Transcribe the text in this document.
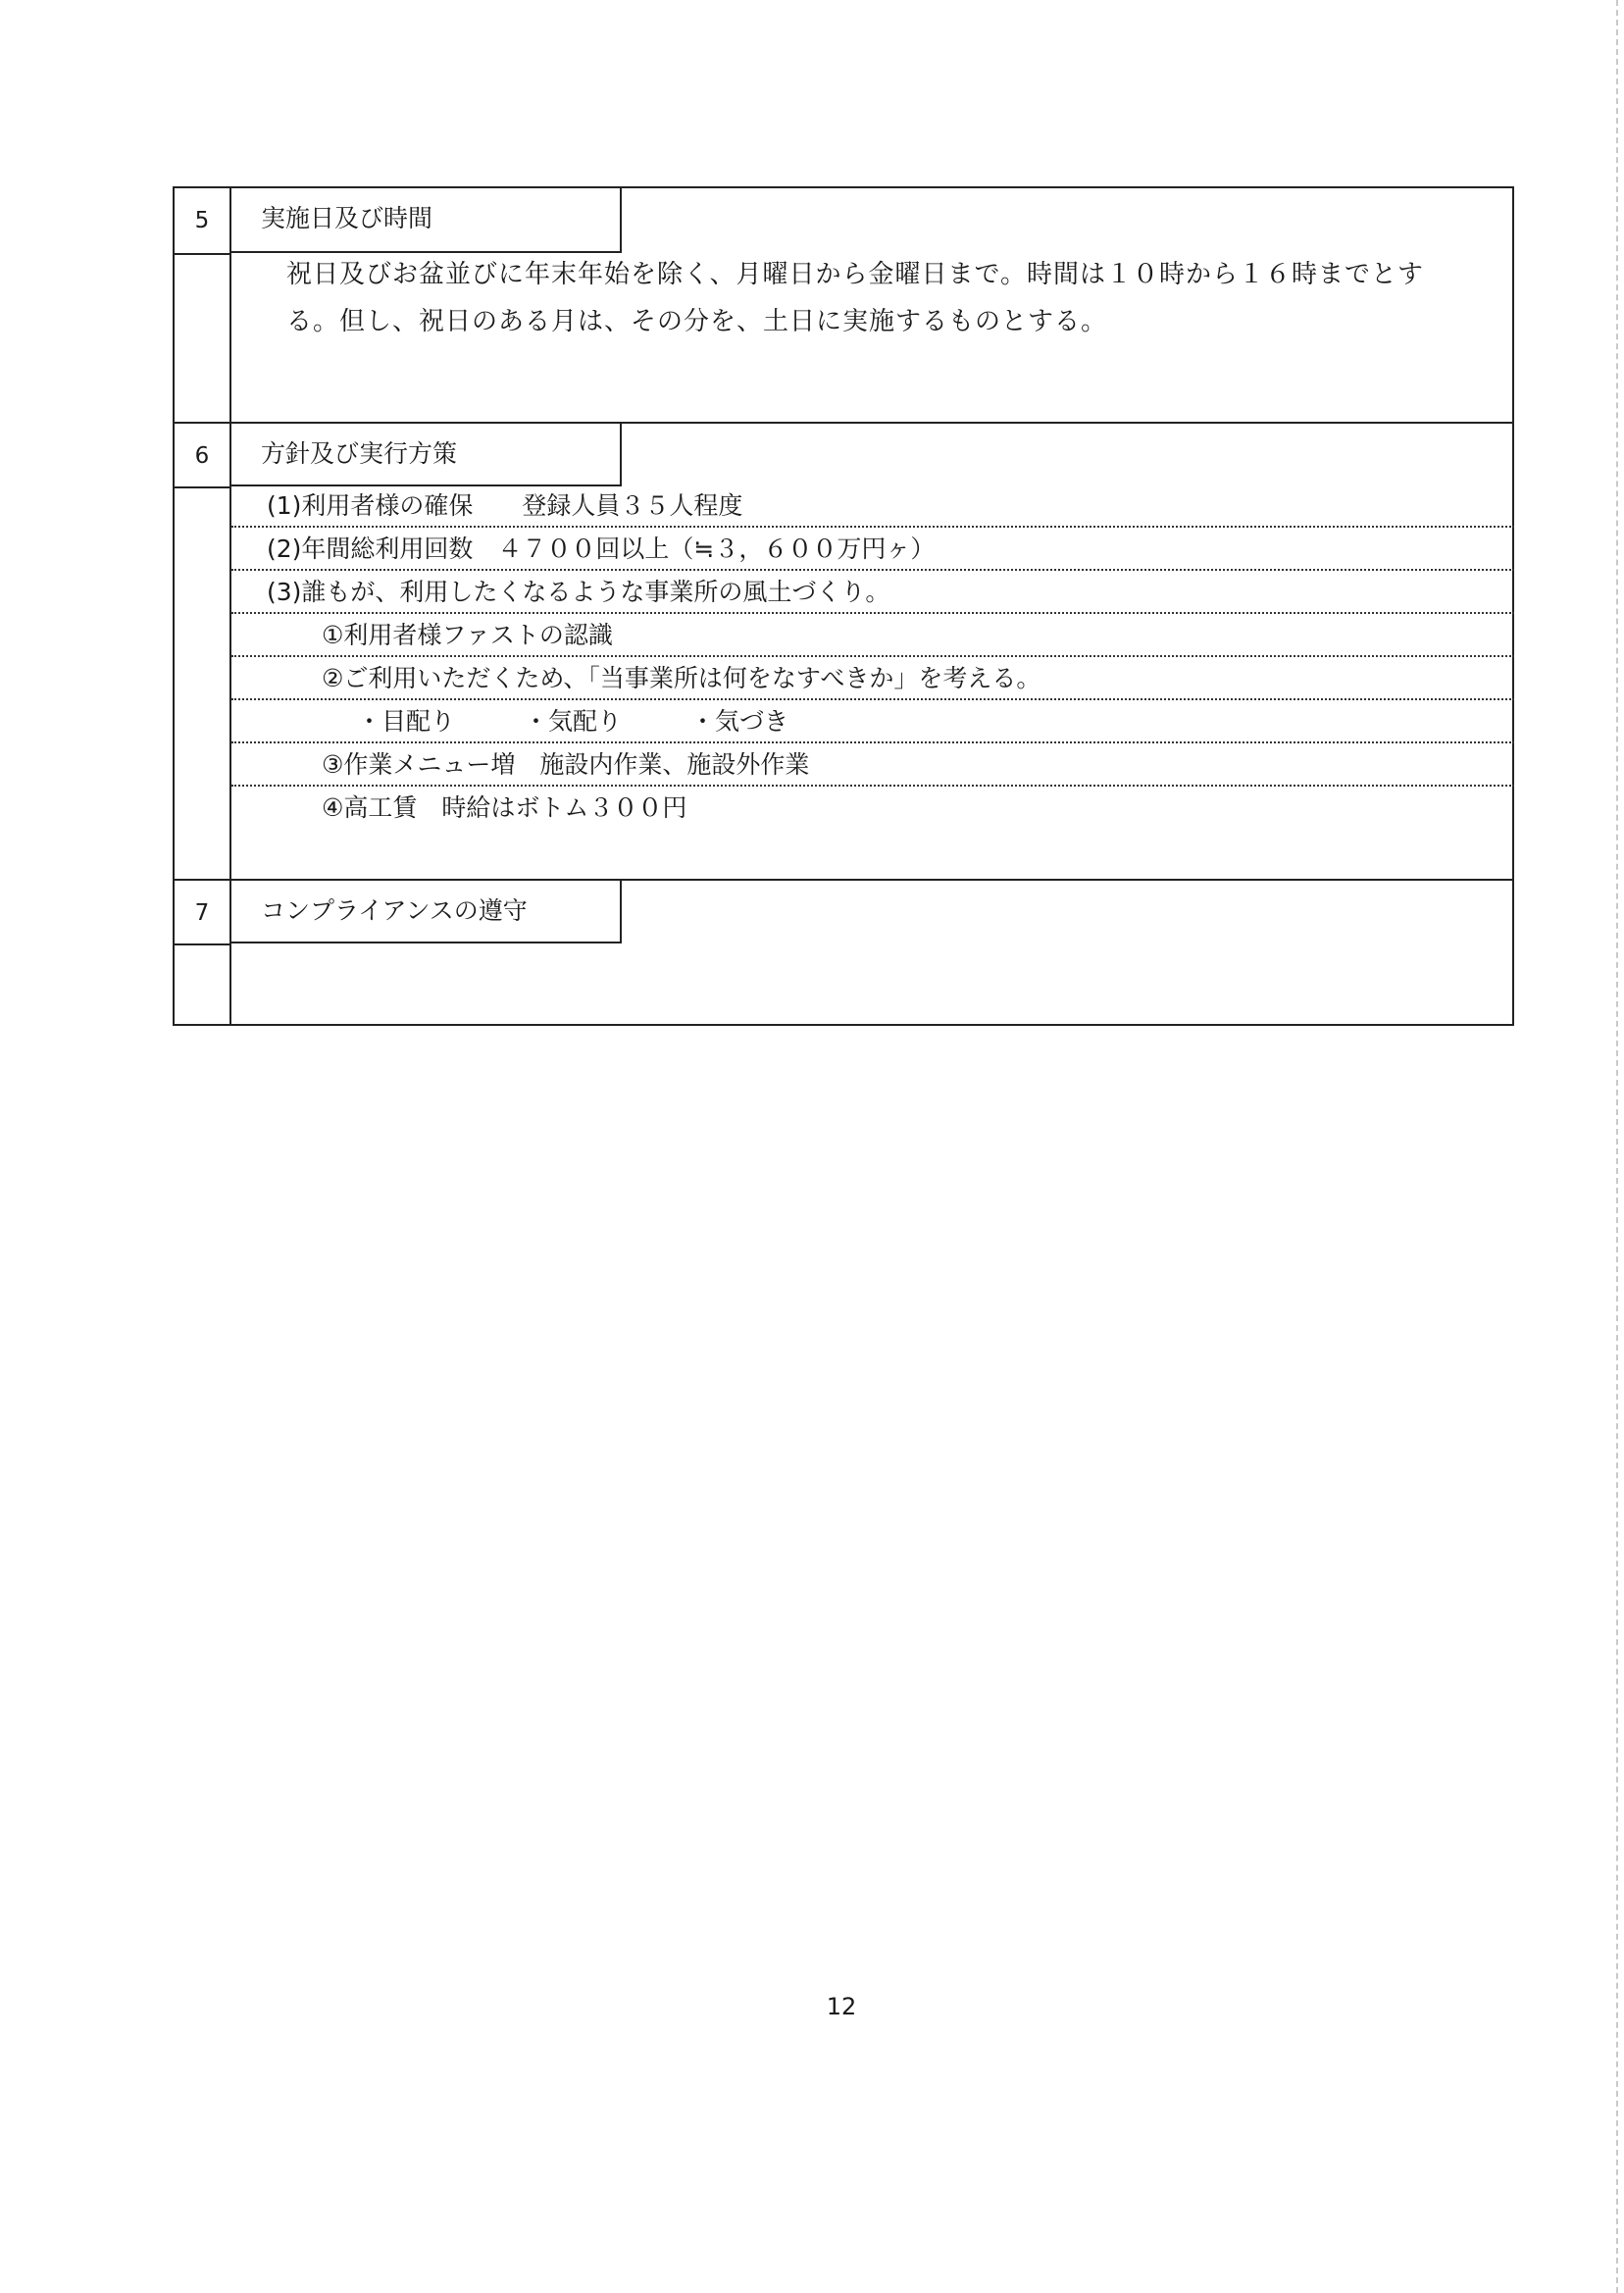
5	実施日及び時間
祝日及びお盆並びに年末年始を除く、月曜日から金曜日まで。時間は１０時から１６時までとする。但し、祝日のある月は、その分を、土日に実施するものとする。
6	方針及び実行方策
(1)利用者様の確保　　登録人員３５人程度
(2)年間総利用回数　４７００回以上（≒３，６００万円ヶ）
(3)誰もが、利用したくなるような事業所の風土づくり。
①利用者様ファストの認識
②ご利用いただくため、「当事業所は何をなすべきか」を考える。
・目配り	・気配り	・気づき
③作業メニュー増　施設内作業、施設外作業
④高工賃　時給はボトム３００円
7	コンプライアンスの遵守
12
